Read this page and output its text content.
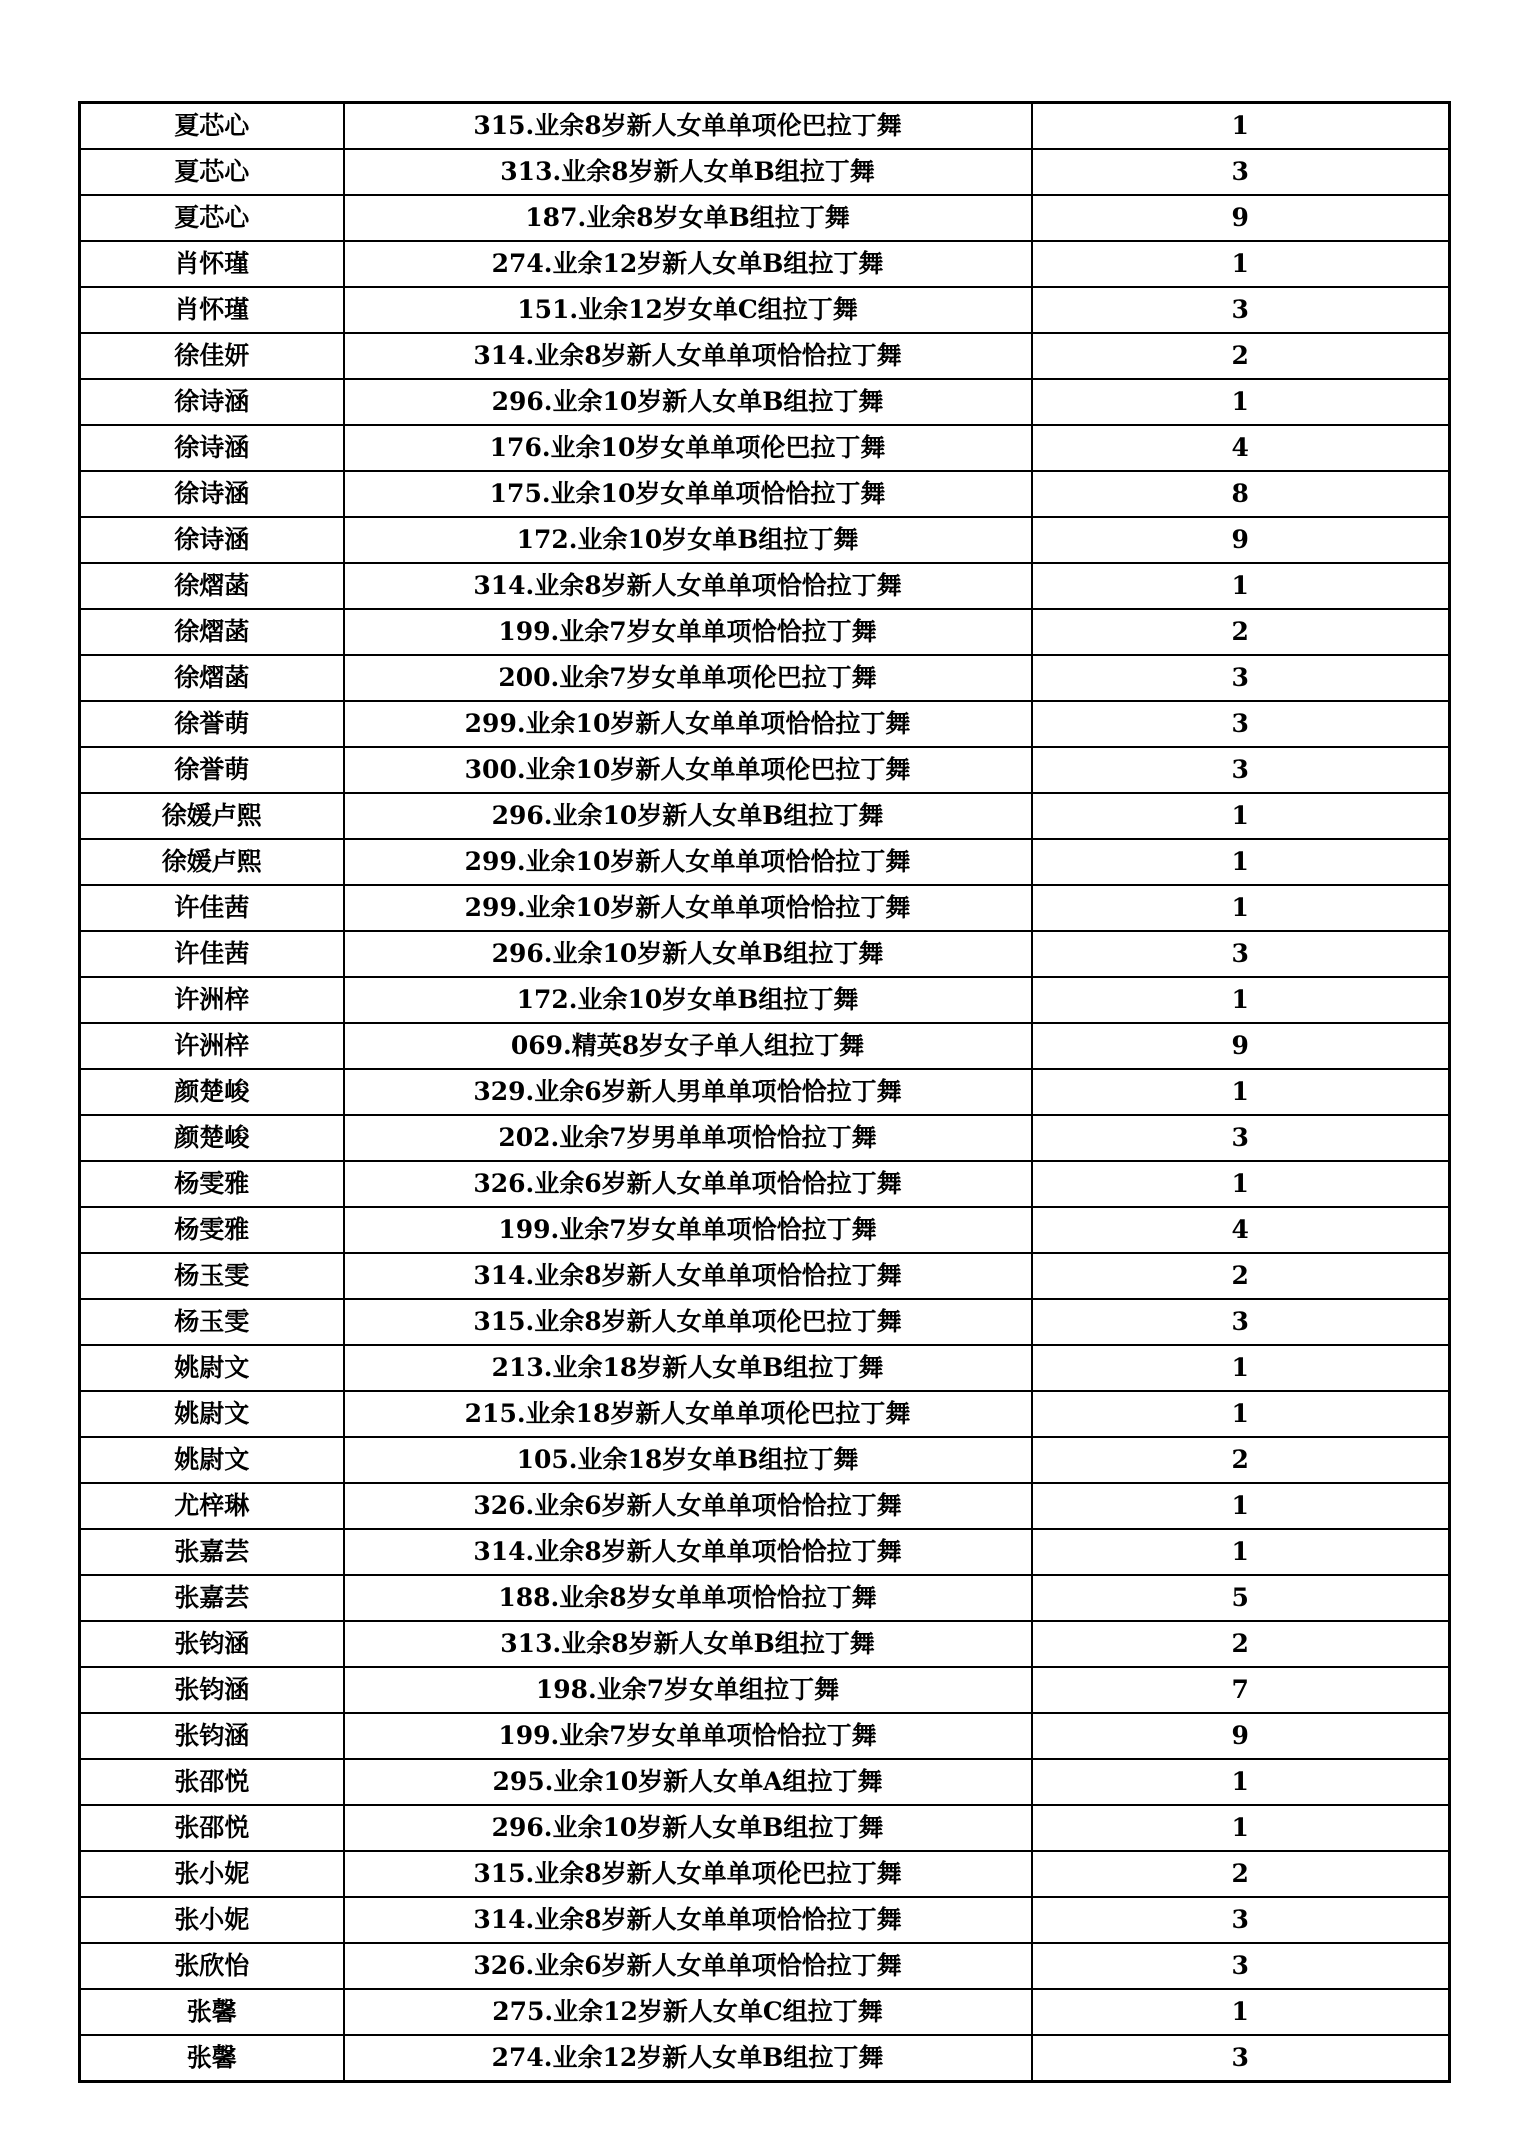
夏芯心	315.业余8岁新人女单单项伦巴拉丁舞	1
夏芯心	313.业余8岁新人女单B组拉丁舞	3
夏芯心	187.业余8岁女单B组拉丁舞	9
肖怀瑾	274.业余12岁新人女单B组拉丁舞	1
肖怀瑾	151.业余12岁女单C组拉丁舞	3
徐佳妍	314.业余8岁新人女单单项恰恰拉丁舞	2
徐诗涵	296.业余10岁新人女单B组拉丁舞	1
徐诗涵	176.业余10岁女单单项伦巴拉丁舞	4
徐诗涵	175.业余10岁女单单项恰恰拉丁舞	8
徐诗涵	172.业余10岁女单B组拉丁舞	9
徐熠菡	314.业余8岁新人女单单项恰恰拉丁舞	1
徐熠菡	199.业余7岁女单单项恰恰拉丁舞	2
徐熠菡	200.业余7岁女单单项伦巴拉丁舞	3
徐誉萌	299.业余10岁新人女单单项恰恰拉丁舞	3
徐誉萌	300.业余10岁新人女单单项伦巴拉丁舞	3
徐媛卢熙	296.业余10岁新人女单B组拉丁舞	1
徐媛卢熙	299.业余10岁新人女单单项恰恰拉丁舞	1
许佳茜	299.业余10岁新人女单单项恰恰拉丁舞	1
许佳茜	296.业余10岁新人女单B组拉丁舞	3
许洲梓	172.业余10岁女单B组拉丁舞	1
许洲梓	069.精英8岁女子单人组拉丁舞	9
颜楚峻	329.业余6岁新人男单单项恰恰拉丁舞	1
颜楚峻	202.业余7岁男单单项恰恰拉丁舞	3
杨雯雅	326.业余6岁新人女单单项恰恰拉丁舞	1
杨雯雅	199.业余7岁女单单项恰恰拉丁舞	4
杨玉雯	314.业余8岁新人女单单项恰恰拉丁舞	2
杨玉雯	315.业余8岁新人女单单项伦巴拉丁舞	3
姚尉文	213.业余18岁新人女单B组拉丁舞	1
姚尉文	215.业余18岁新人女单单项伦巴拉丁舞	1
姚尉文	105.业余18岁女单B组拉丁舞	2
尤梓琳	326.业余6岁新人女单单项恰恰拉丁舞	1
张嘉芸	314.业余8岁新人女单单项恰恰拉丁舞	1
张嘉芸	188.业余8岁女单单项恰恰拉丁舞	5
张钧涵	313.业余8岁新人女单B组拉丁舞	2
张钧涵	198.业余7岁女单组拉丁舞	7
张钧涵	199.业余7岁女单单项恰恰拉丁舞	9
张邵悦	295.业余10岁新人女单A组拉丁舞	1
张邵悦	296.业余10岁新人女单B组拉丁舞	1
张小妮	315.业余8岁新人女单单项伦巴拉丁舞	2
张小妮	314.业余8岁新人女单单项恰恰拉丁舞	3
张欣怡	326.业余6岁新人女单单项恰恰拉丁舞	3
张馨	275.业余12岁新人女单C组拉丁舞	1
张馨	274.业余12岁新人女单B组拉丁舞	3
